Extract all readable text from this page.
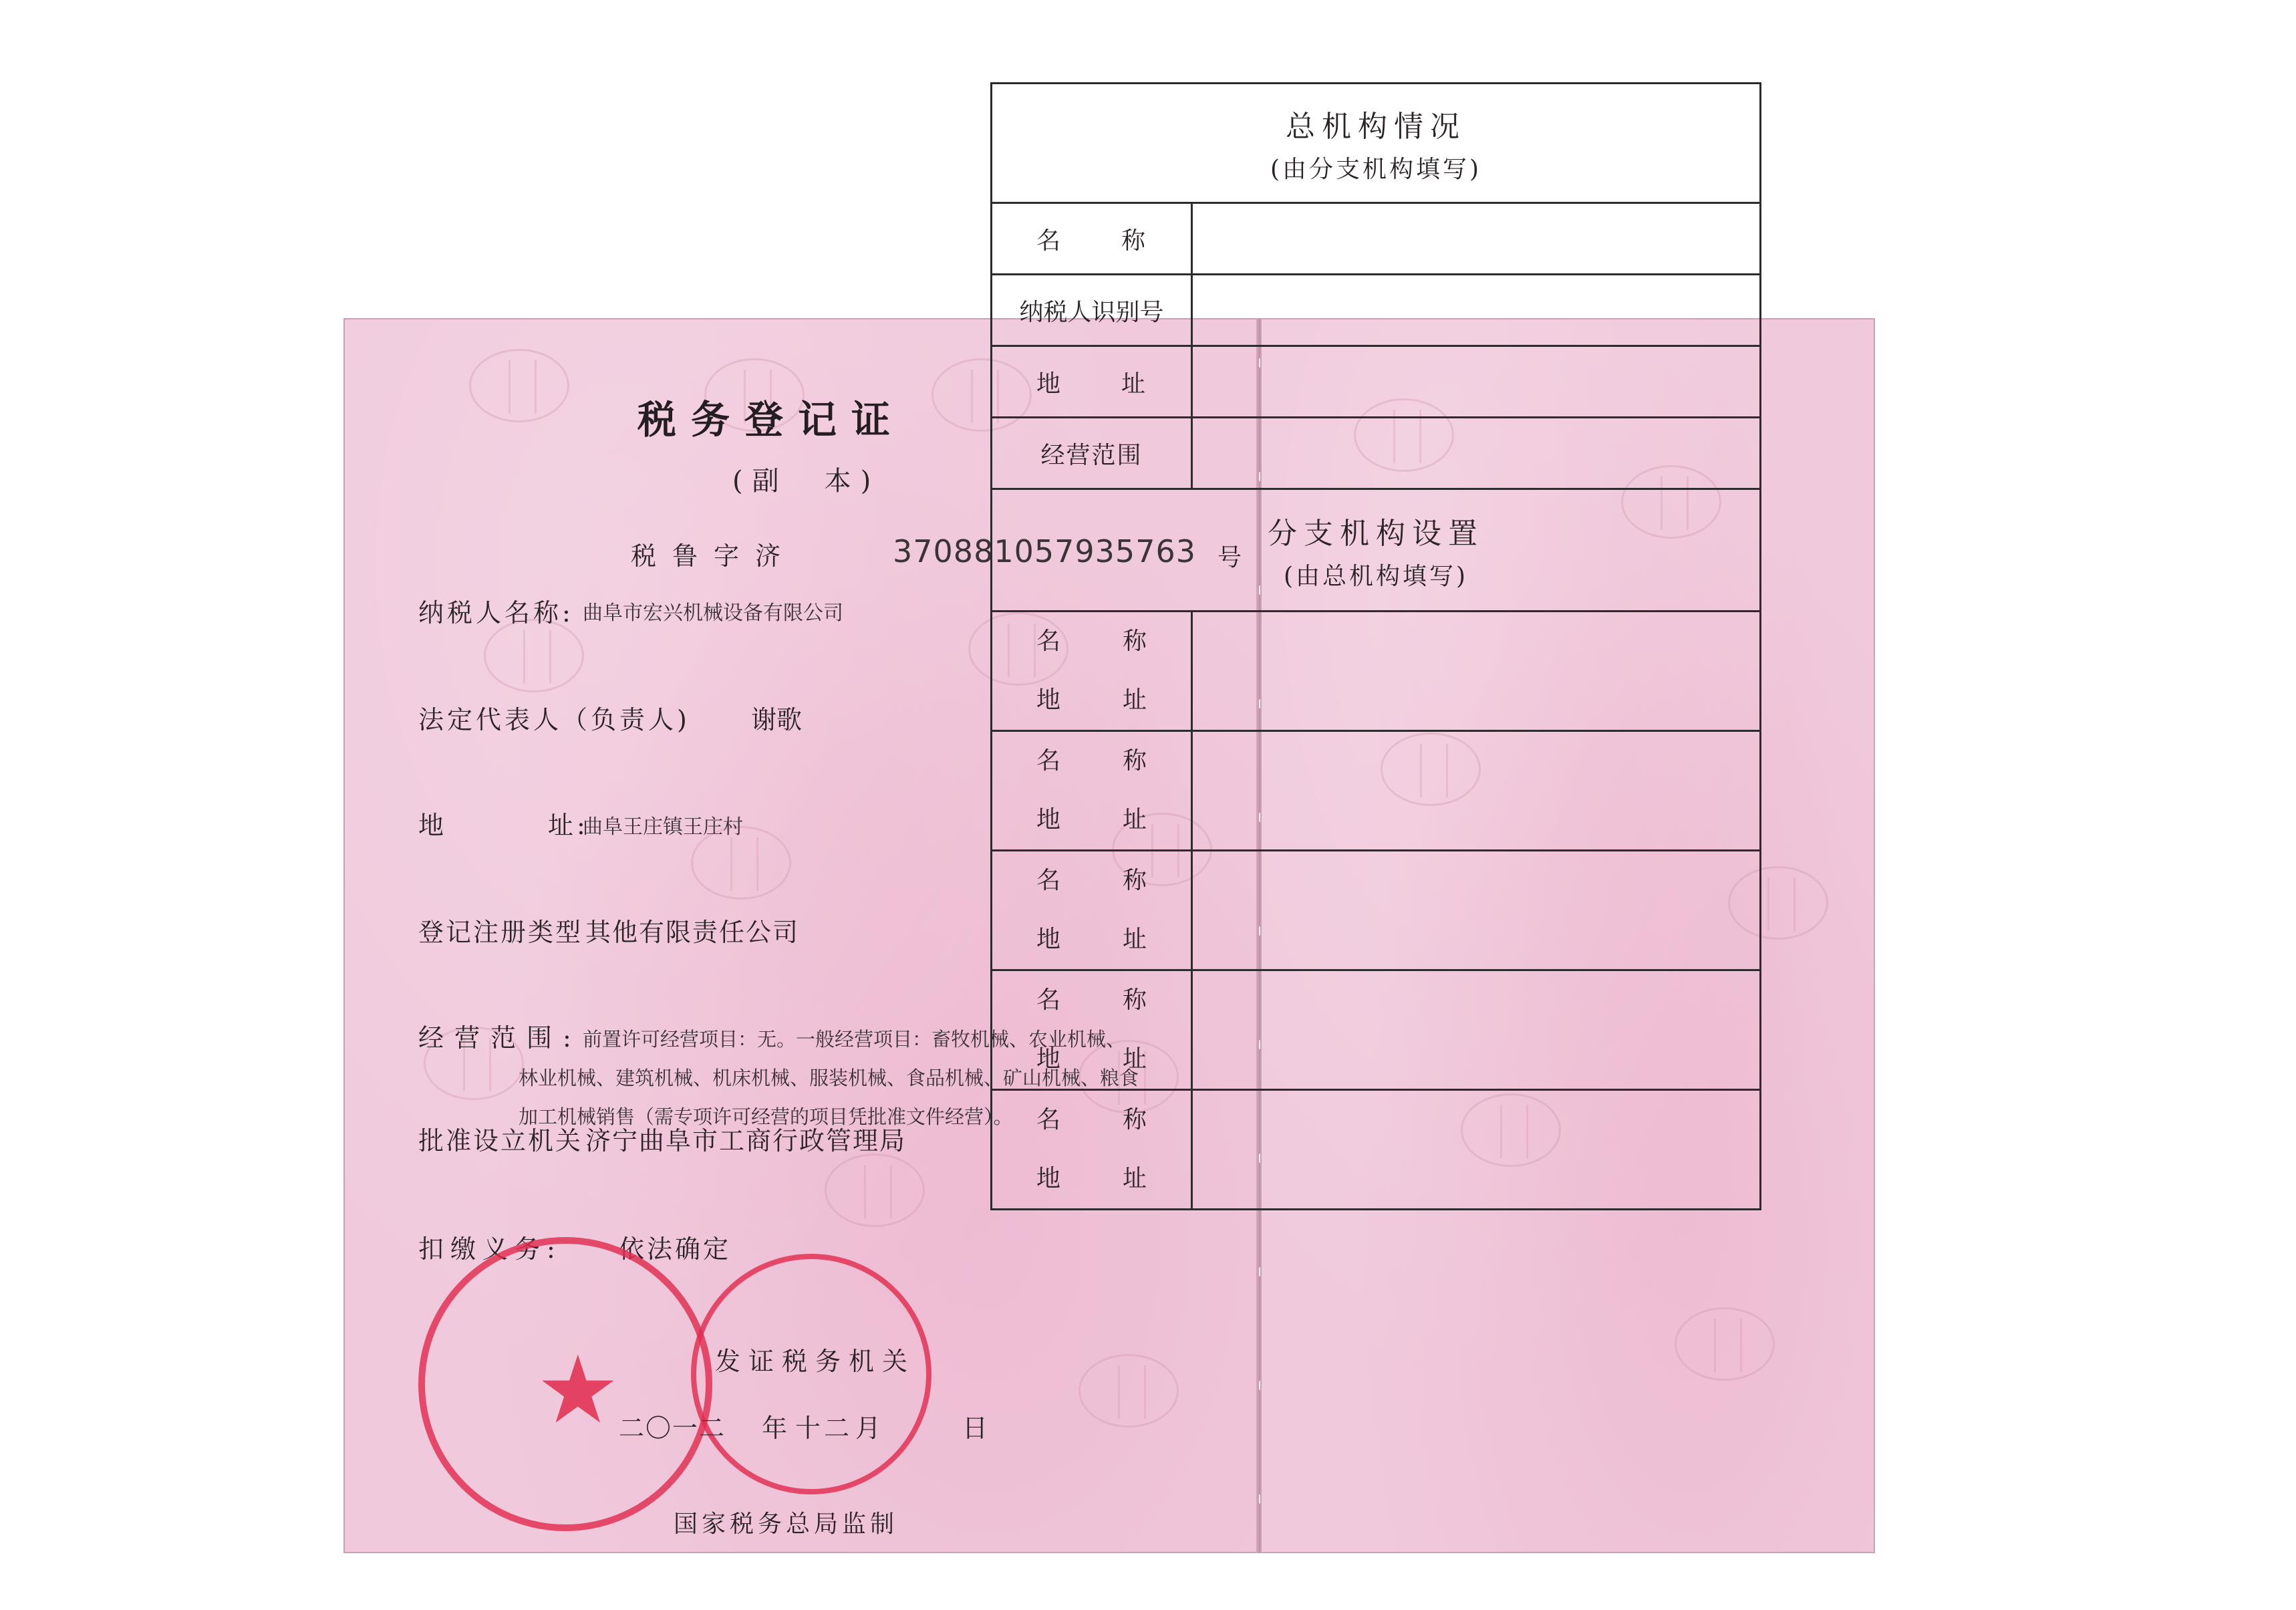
税务登记证
(副　本)
税鲁字济	370881057935763 号
纳税人名称: 曲阜市宏兴机械设备有限公司
法定代表人（负责人) 谢歌
地	址:
曲阜王庄镇王庄村
登记注册类型 其他有限责任公司
经营范围: 前置许可经营项目：无。一般经营项目：畜牧机械、农业机械、
林业机械、建筑机械、机床机械、服装机械、食品机械、矿山机械、粮食
加工机械销售（需专项许可经营的项目凭批准文件经营）。
批准设立机关 济宁曲阜市工商行政管理局
扣缴义务: 依法确定
★	发证税务机关
二〇一二 年 十二 月	日
国家税务总局监制
总机构情况
(由分支机构填写)	

名 称	

纳税人识别号	

地 址	

经营范围	

分支机构设置
(由总机构填写)	

名 称
地 址	

名 称
地 址	

名 称
地 址	

名 称
地 址	

名 称
地 址	
